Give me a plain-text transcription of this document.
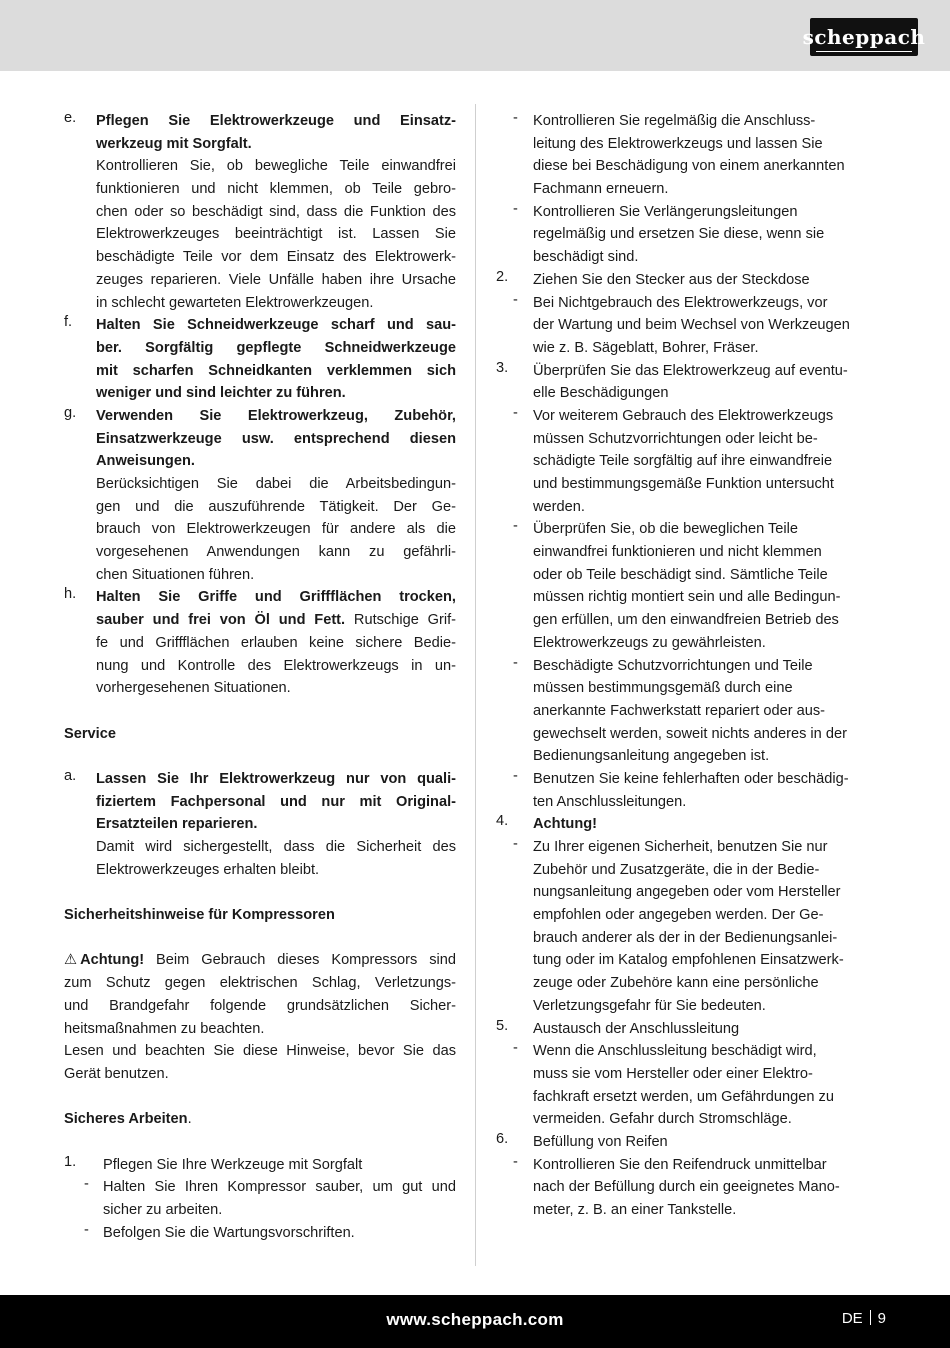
scheppach
e. Pflegen Sie Elektrowerkzeuge und Einsatz-
werkzeug mit Sorgfalt.
Kontrollieren Sie, ob bewegliche Teile einwandfrei
funktionieren und nicht klemmen, ob Teile gebro-
chen oder so beschädigt sind, dass die Funktion des
Elektrowerkzeuges beeinträchtigt ist. Lassen Sie
beschädigte Teile vor dem Einsatz des Elektrowerk-
zeuges reparieren. Viele Unfälle haben ihre Ursache
in schlecht gewarteten Elektrowerkzeugen.
f. Halten Sie Schneidwerkzeuge scharf und sau-
ber. Sorgfältig gepflegte Schneidwerkzeuge
mit scharfen Schneidkanten verklemmen sich
weniger und sind leichter zu führen.
g. Verwenden Sie Elektrowerkzeug, Zubehör,
Einsatzwerkzeuge usw. entsprechend diesen
Anweisungen.
Berücksichtigen Sie dabei die Arbeitsbedingun-
gen und die auszuführende Tätigkeit. Der Ge-
brauch von Elektrowerkzeugen für andere als die
vorgesehenen Anwendungen kann zu gefährli-
chen Situationen führen.
h. Halten Sie Griffe und Griffflächen trocken,
sauber und frei von Öl und Fett. Rutschige Grif-
fe und Griffflächen erlauben keine sichere Bedie-
nung und Kontrolle des Elektrowerkzeugs in un-
vorhergesehenen Situationen.
Service
a. Lassen Sie Ihr Elektrowerkzeug nur von quali-
fiziertem Fachpersonal und nur mit Original-
Ersatzteilen reparieren.
Damit wird sichergestellt, dass die Sicherheit des
Elektrowerkzeuges erhalten bleibt.
Sicherheitshinweise für Kompressoren
⚠ Achtung! Beim Gebrauch dieses Kompressors sind
zum Schutz gegen elektrischen Schlag, Verletzungs-
und Brandgefahr folgende grundsätzlichen Sicher-
heitsmaßnahmen zu beachten.
Lesen und beachten Sie diese Hinweise, bevor Sie das
Gerät benutzen.
Sicheres Arbeiten.
1. Pflegen Sie Ihre Werkzeuge mit Sorgfalt
- Halten Sie Ihren Kompressor sauber, um gut und
sicher zu arbeiten.
- Befolgen Sie die Wartungsvorschriften.
- Kontrollieren Sie regelmäßig die Anschluss-
leitung des Elektrowerkzeugs und lassen Sie
diese bei Beschädigung von einem anerkannten
Fachmann erneuern.
- Kontrollieren Sie Verlängerungsleitungen
regelmäßig und ersetzen Sie diese, wenn sie
beschädigt sind.
2. Ziehen Sie den Stecker aus der Steckdose
- Bei Nichtgebrauch des Elektrowerkzeugs, vor
der Wartung und beim Wechsel von Werkzeugen
wie z. B. Sägeblatt, Bohrer, Fräser.
3. Überprüfen Sie das Elektrowerkzeug auf eventu-
elle Beschädigungen
- Vor weiterem Gebrauch des Elektrowerkzeugs
müssen Schutzvorrichtungen oder leicht be-
schädigte Teile sorgfältig auf ihre einwandfreie
und bestimmungsgemäße Funktion untersucht
werden.
- Überprüfen Sie, ob die beweglichen Teile
einwandfrei funktionieren und nicht klemmen
oder ob Teile beschädigt sind. Sämtliche Teile
müssen richtig montiert sein und alle Bedingun-
gen erfüllen, um den einwandfreien Betrieb des
Elektrowerkzeugs zu gewährleisten.
- Beschädigte Schutzvorrichtungen und Teile
müssen bestimmungsgemäß durch eine
anerkannte Fachwerkstatt repariert oder aus-
gewechselt werden, soweit nichts anderes in der
Bedienungsanleitung angegeben ist.
- Benutzen Sie keine fehlerhaften oder beschädig-
ten Anschlussleitungen.
4. Achtung!
- Zu Ihrer eigenen Sicherheit, benutzen Sie nur
Zubehör und Zusatzgeräte, die in der Bedie-
nungsanleitung angegeben oder vom Hersteller
empfohlen oder angegeben werden. Der Ge-
brauch anderer als der in der Bedienungsanlei-
tung oder im Katalog empfohlenen Einsatzwerk-
zeuge oder Zubehöre kann eine persönliche
Verletzungsgefahr für Sie bedeuten.
5. Austausch der Anschlussleitung
- Wenn die Anschlussleitung beschädigt wird,
muss sie vom Hersteller oder einer Elektro-
fachkraft ersetzt werden, um Gefährdungen zu
vermeiden. Gefahr durch Stromschläge.
6. Befüllung von Reifen
- Kontrollieren Sie den Reifendruck unmittelbar
nach der Befüllung durch ein geeignetes Mano-
meter, z. B. an einer Tankstelle.
www.scheppach.com	DE 9
